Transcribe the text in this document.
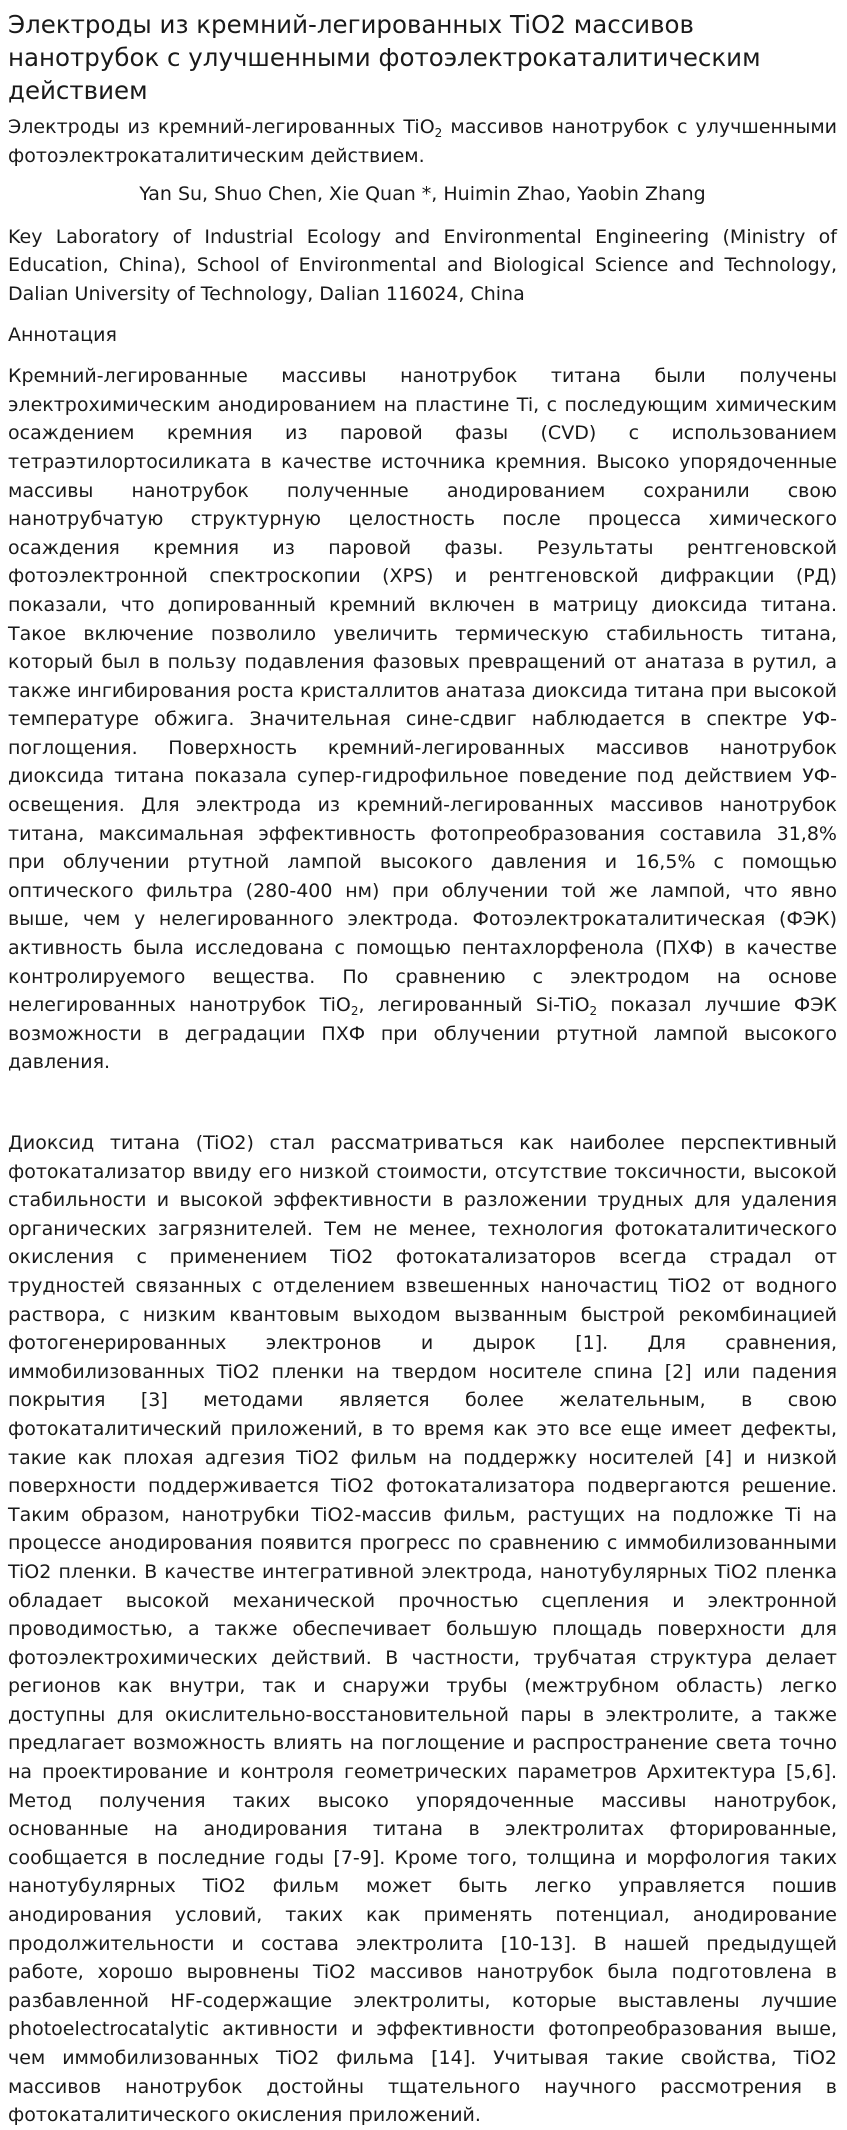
Электроды из кремний-легированных TiO2 массивов нанотрубок с улучшенными фотоэлектрокаталитическим действием

Электроды из кремний-легированных TiO$_2$ массивов нанотрубок с улучшенными фотоэлектрокаталитическим действием.

Yan Su, Shuo Chen, Xie Quan *, Huimin Zhao, Yaobin Zhang

Key Laboratory of Industrial Ecology and Environmental Engineering (Ministry of Education, China), School of Environmental and Biological Science and Technology, Dalian University of Technology, Dalian 116024, China

Аннотация

Кремний-легированные массивы нанотрубок титана были получены электрохимическим анодированием на пластине Ti, с последующим химическим осаждением кремния из паровой фазы (CVD) с использованием тетраэтилортосиликата в качестве источника кремния. Высоко упорядоченные массивы нанотрубок полученные анодированием сохранили свою нанотрубчатую структурную целостность после процесса химического осаждения кремния из паровой фазы. Результаты рентгеновской фотоэлектронной спектроскопии (XPS) и рентгеновской дифракции (РД) показали, что допированный кремний включен в матрицу диоксида титана. Такое включение позволило увеличить термическую стабильность титана, который был в пользу подавления фазовых превращений от анатаза в рутил, а также ингибирования роста кристаллитов анатаза диоксида титана при высокой температуре обжига. Значительная сине-сдвиг наблюдается в спектре УФ-поглощения. Поверхность кремний-легированных массивов нанотрубок диоксида титана показала супер-гидрофильное поведение под действием УФ-освещения. Для электрода из кремний-легированных массивов нанотрубок титана, максимальная эффективность фотопреобразования составила 31,8% при облучении ртутной лампой высокого давления и 16,5% с помощью оптического фильтра (280-400 нм) при облучении той же лампой, что явно выше, чем у нелегированного электрода. Фотоэлектрокаталитическая (ФЭК) активность была исследована с помощью пентахлорфенола (ПХФ) в качестве контролируемого вещества. По сравнению с электродом на основе нелегированных нанотрубок TiO$_2$, легированный Si-TiO$_2$ показал лучшие ФЭК возможности в деградации ПХФ при облучении ртутной лампой высокого давления.

Диоксид титана (TiO2) стал рассматриваться как наиболее перспективный фотокатализатор ввиду его низкой стоимости, отсутствие токсичности, высокой стабильности и высокой эффективности в разложении трудных для удаления органических загрязнителей. Тем не менее, технология фотокаталитического окисления с применением TiO2 фотокатализаторов всегда страдал от трудностей связанных с отделением взвешенных наночастиц TiO2 от водного раствора, с низким квантовым выходом вызванным быстрой рекомбинацией фотогенерированных электронов и дырок [1]. Для сравнения, иммобилизованных TiO2 пленки на твердом носителе спина [2] или падения покрытия [3] методами является более желательным, в свою фотокаталитический приложений, в то время как это все еще имеет дефекты, такие как плохая адгезия TiO2 фильм на поддержку носителей [4] и низкой поверхности поддерживается TiO2 фотокатализатора подвергаются решение. Таким образом, нанотрубки TiO2-массив фильм, растущих на подложке Ti на процессе анодирования появится прогресс по сравнению с иммобилизованными TiO2 пленки. В качестве интегративной электрода, нанотубулярных TiO2 пленка обладает высокой механической прочностью сцепления и электронной проводимостью, а также обеспечивает большую площадь поверхности для фотоэлектрохимических действий. В частности, трубчатая структура делает регионов как внутри, так и снаружи трубы (межтрубном область) легко доступны для окислительно-восстановительной пары в электролите, а также предлагает возможность влиять на поглощение и распространение света точно на проектирование и контроля геометрических параметров Архитектура [5,6]. Метод получения таких высоко упорядоченные массивы нанотрубок, основанные на анодирования титана в электролитах фторированные, сообщается в последние годы [7-9]. Кроме того, толщина и морфология таких нанотубулярных TiO2 фильм может быть легко управляется пошив анодирования условий, таких как применять потенциал, анодирование продолжительности и состава электролита [10-13]. В нашей предыдущей работе, хорошо выровнены TiO2 массивов нанотрубок была подготовлена в разбавленной HF-содержащие электролиты, которые выставлены лучшие photoelectrocatalytic активности и эффективности фотопреобразования выше, чем иммобилизованных TiO2 фильма [14]. Учитывая такие свойства, TiO2 массивов нанотрубок достойны тщательного научного рассмотрения в фотокаталитического окисления приложений.
